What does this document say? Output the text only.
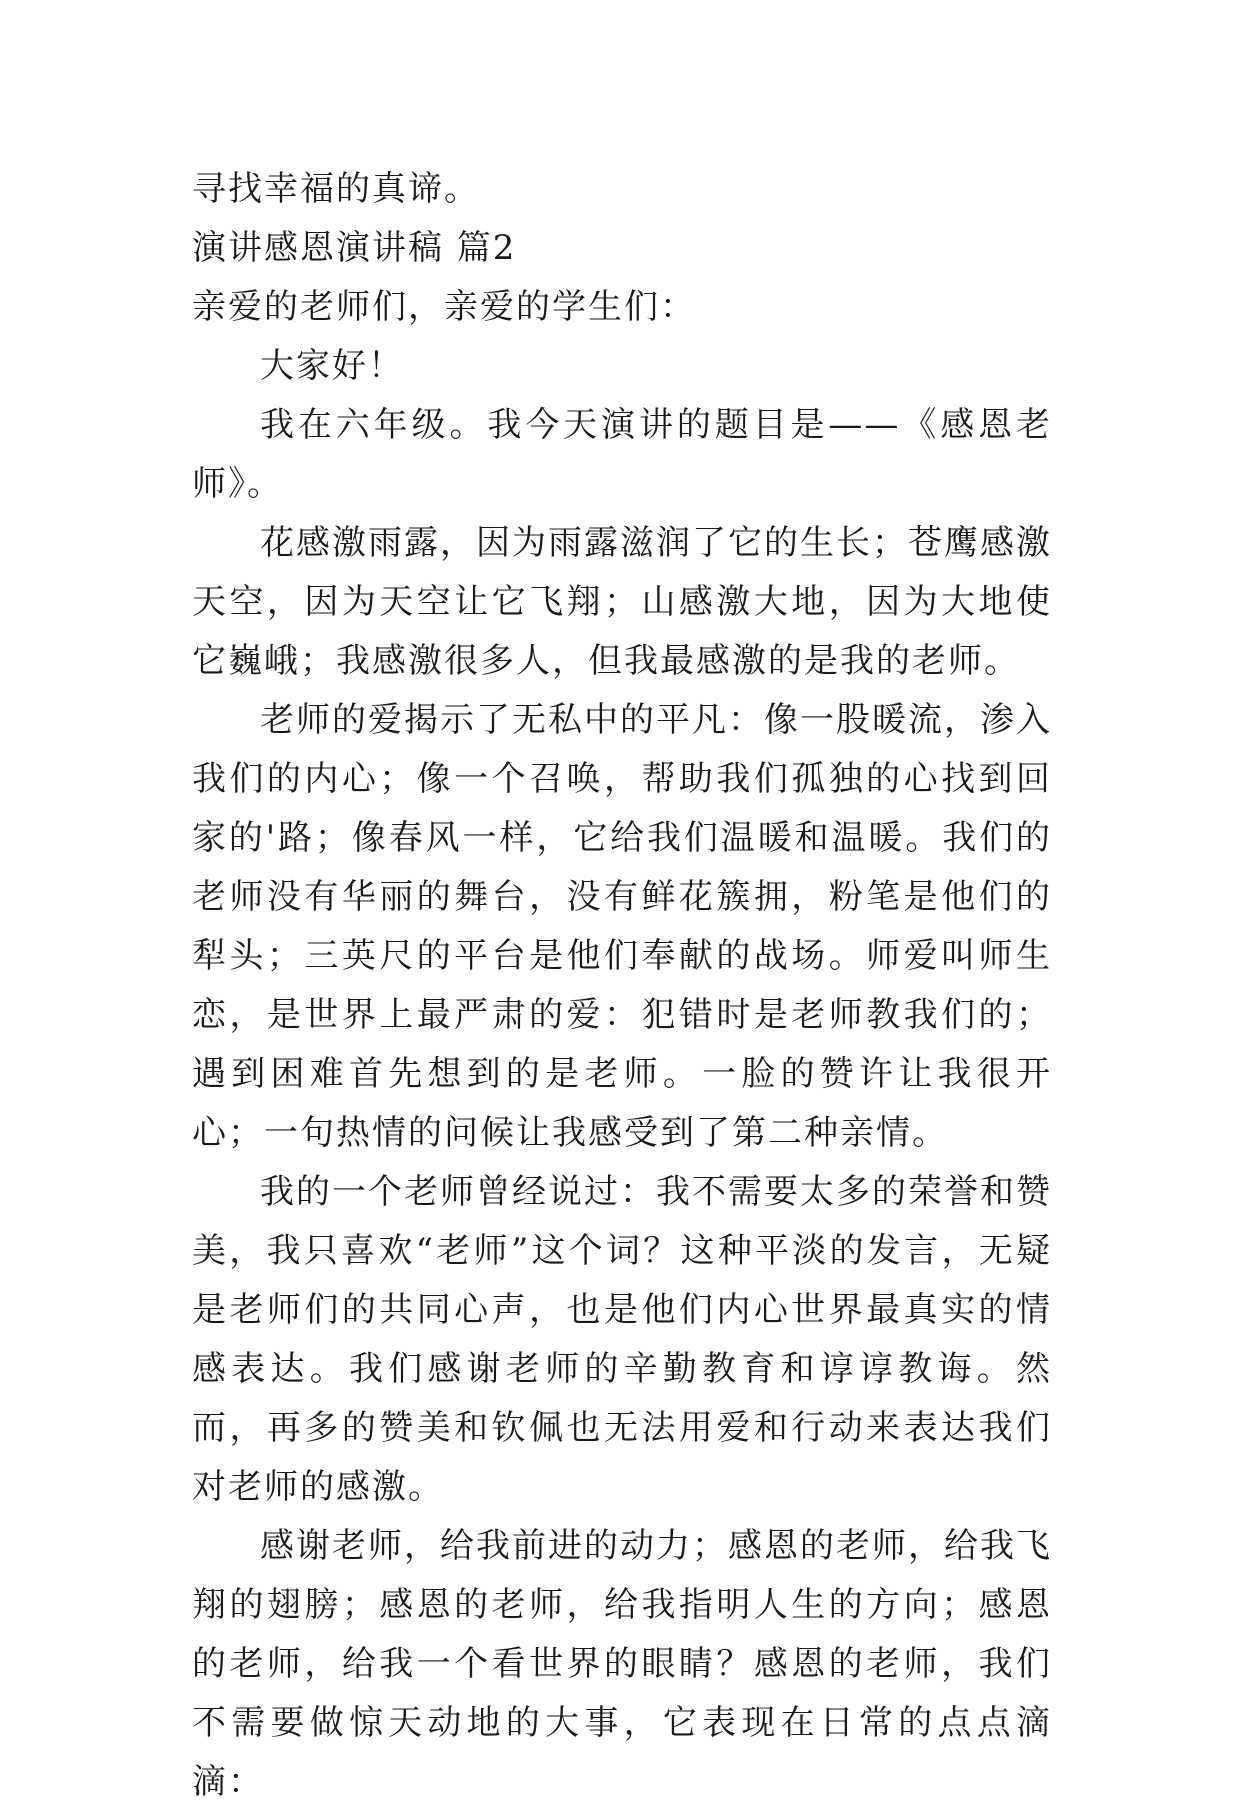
寻找幸福的真谛。

演讲感恩演讲稿 篇2

亲爱的老师们，亲爱的学生们：

大家好！

我在六年级。我今天演讲的题目是——《感恩老师》。

花感激雨露，因为雨露滋润了它的生长；苍鹰感激天空，因为天空让它飞翔；山感激大地，因为大地使它巍峨；我感激很多人，但我最感激的是我的老师。

老师的爱揭示了无私中的平凡：像一股暖流，渗入我们的内心；像一个召唤，帮助我们孤独的心找到回家的'路；像春风一样，它给我们温暖和温暖。我们的老师没有华丽的舞台，没有鲜花簇拥，粉笔是他们的犁头；三英尺的平台是他们奉献的战场。师爱叫师生恋，是世界上最严肃的爱：犯错时是老师教我们的；遇到困难首先想到的是老师。一脸的赞许让我很开心；一句热情的问候让我感受到了第二种亲情。

我的一个老师曾经说过：我不需要太多的荣誉和赞美，我只喜欢“老师”这个词？这种平淡的发言，无疑是老师们的共同心声，也是他们内心世界最真实的情感表达。我们感谢老师的辛勤教育和谆谆教诲。然而，再多的赞美和钦佩也无法用爱和行动来表达我们对老师的感激。

感谢老师，给我前进的动力；感恩的老师，给我飞翔的翅膀；感恩的老师，给我指明人生的方向；感恩的老师，给我一个看世界的眼睛？感恩的老师，我们不需要做惊天动地的大事，它表现在日常的点点滴滴：
